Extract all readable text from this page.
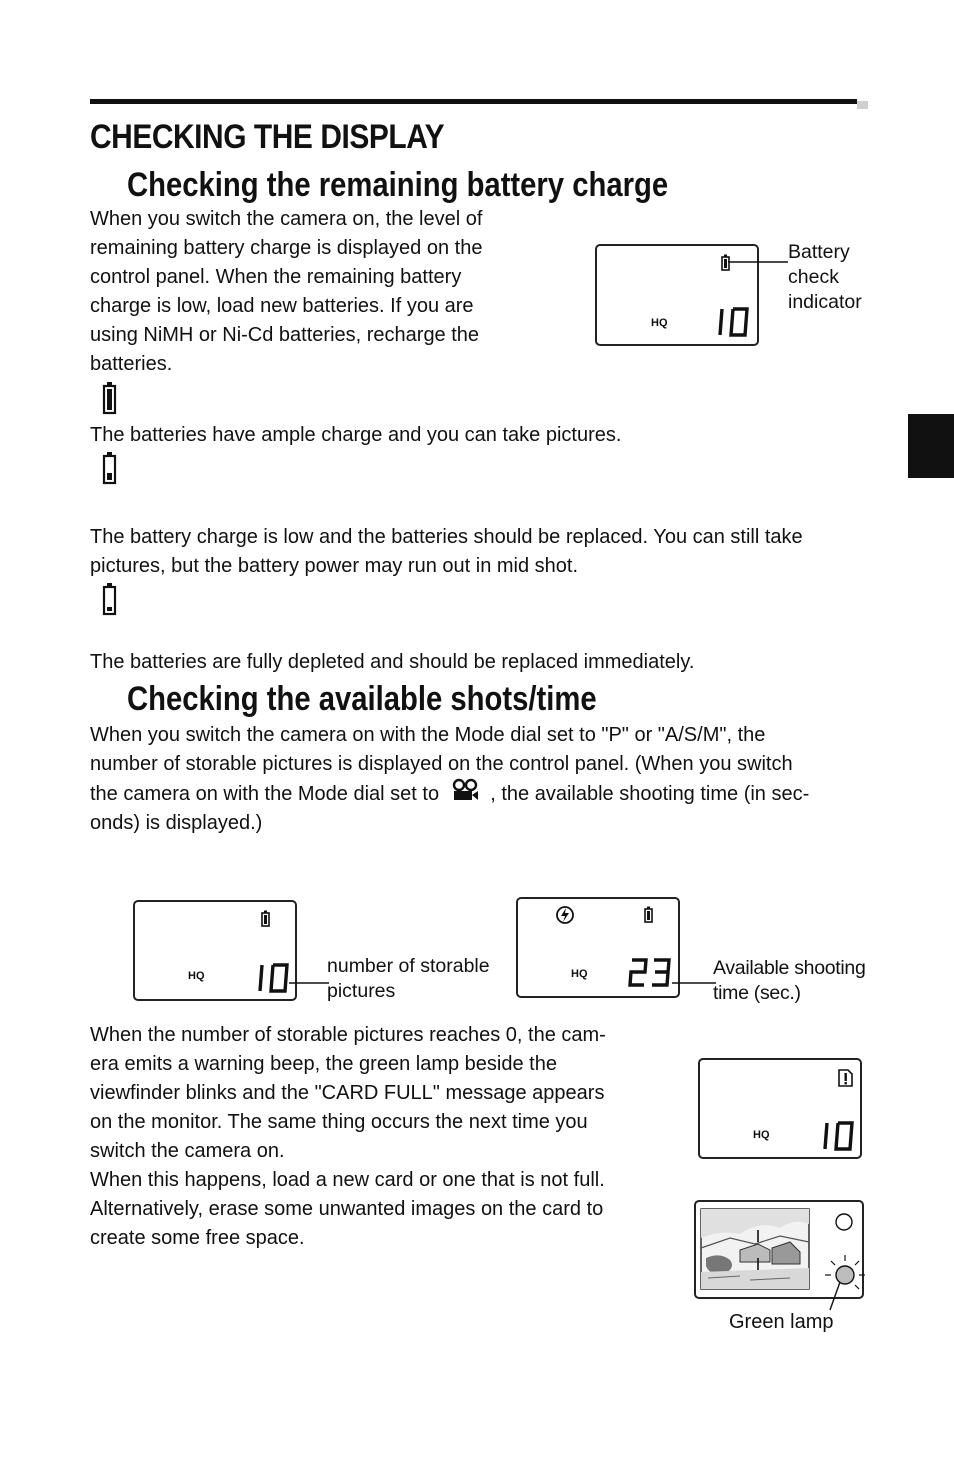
CHECKING THE DISPLAY
Checking the remaining battery charge
When you switch the camera on, the level of
remaining battery charge is displayed on the
control panel. When the remaining battery
charge is low, load new batteries. If you are
using NiMH or Ni-Cd batteries, recharge the
batteries.
HQ
Battery
check
indicator
The batteries have ample charge and you can take pictures.
The battery charge is low and the batteries should be replaced. You can still take
pictures, but the battery power may run out in mid shot.
The batteries are fully depleted and should be replaced immediately.
Checking the available shots/time
When you switch the camera on with the Mode dial set to "P" or "A/S/M", the
number of storable pictures is displayed on the control panel. (When you switch
the camera on with the Mode dial set to	, the available shooting time (in sec-
onds) is displayed.)
HQ	number of storable
pictures
HQ	Available shooting
time (sec.)
When the number of storable pictures reaches 0, the cam-
era emits a warning beep, the green lamp beside the
viewfinder blinks and the "CARD FULL" message appears
on the monitor. The same thing occurs the next time you
switch the camera on.
When this happens, load a new card or one that is not full.
Alternatively, erase some unwanted images on the card to
create some free space.
HQ
Green lamp
